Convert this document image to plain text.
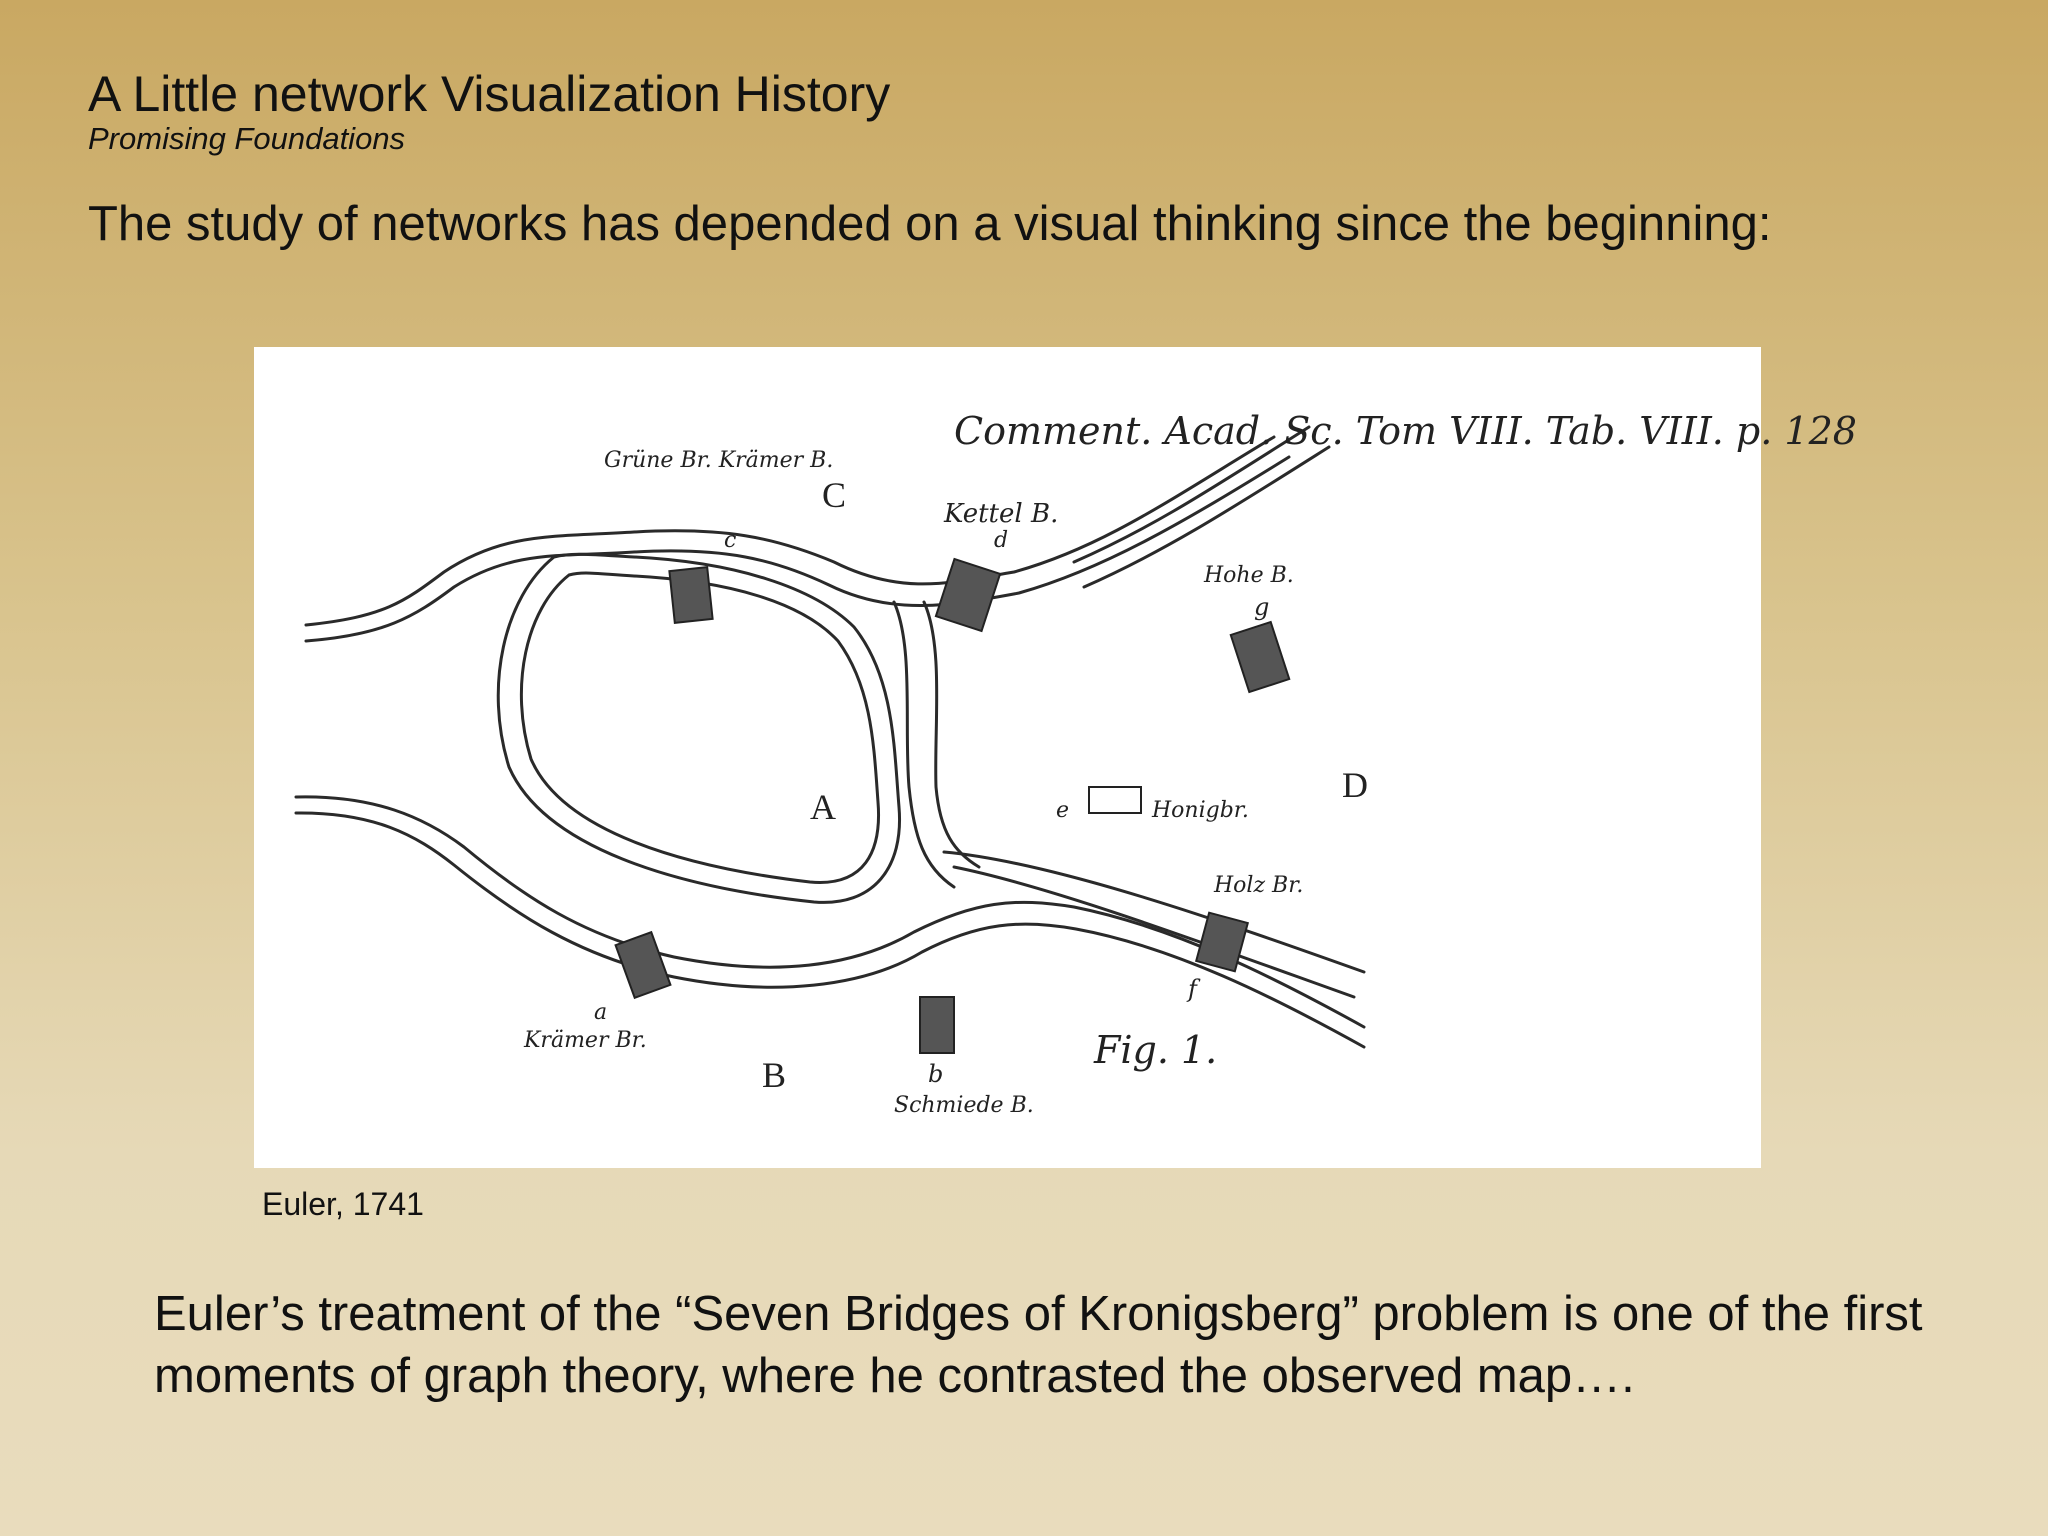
A Little network Visualization History
Promising Foundations
The study of networks has depended on a visual thinking since the beginning:
Comment. Acad. Sc. Tom VIII. Tab. VIII. p. 128
Fig. 1.
C
A
B
D
c
Grüne Br. Krämer B.
d
Kettel B.
g
Hohe B.
e	Honigbr.
f
Holz Br.
a
Krämer Br.
b
Schmiede B.
Euler, 1741
Euler’s treatment of the “Seven Bridges of Kronigsberg” problem is one of the first moments of graph theory, where he contrasted the observed map….
